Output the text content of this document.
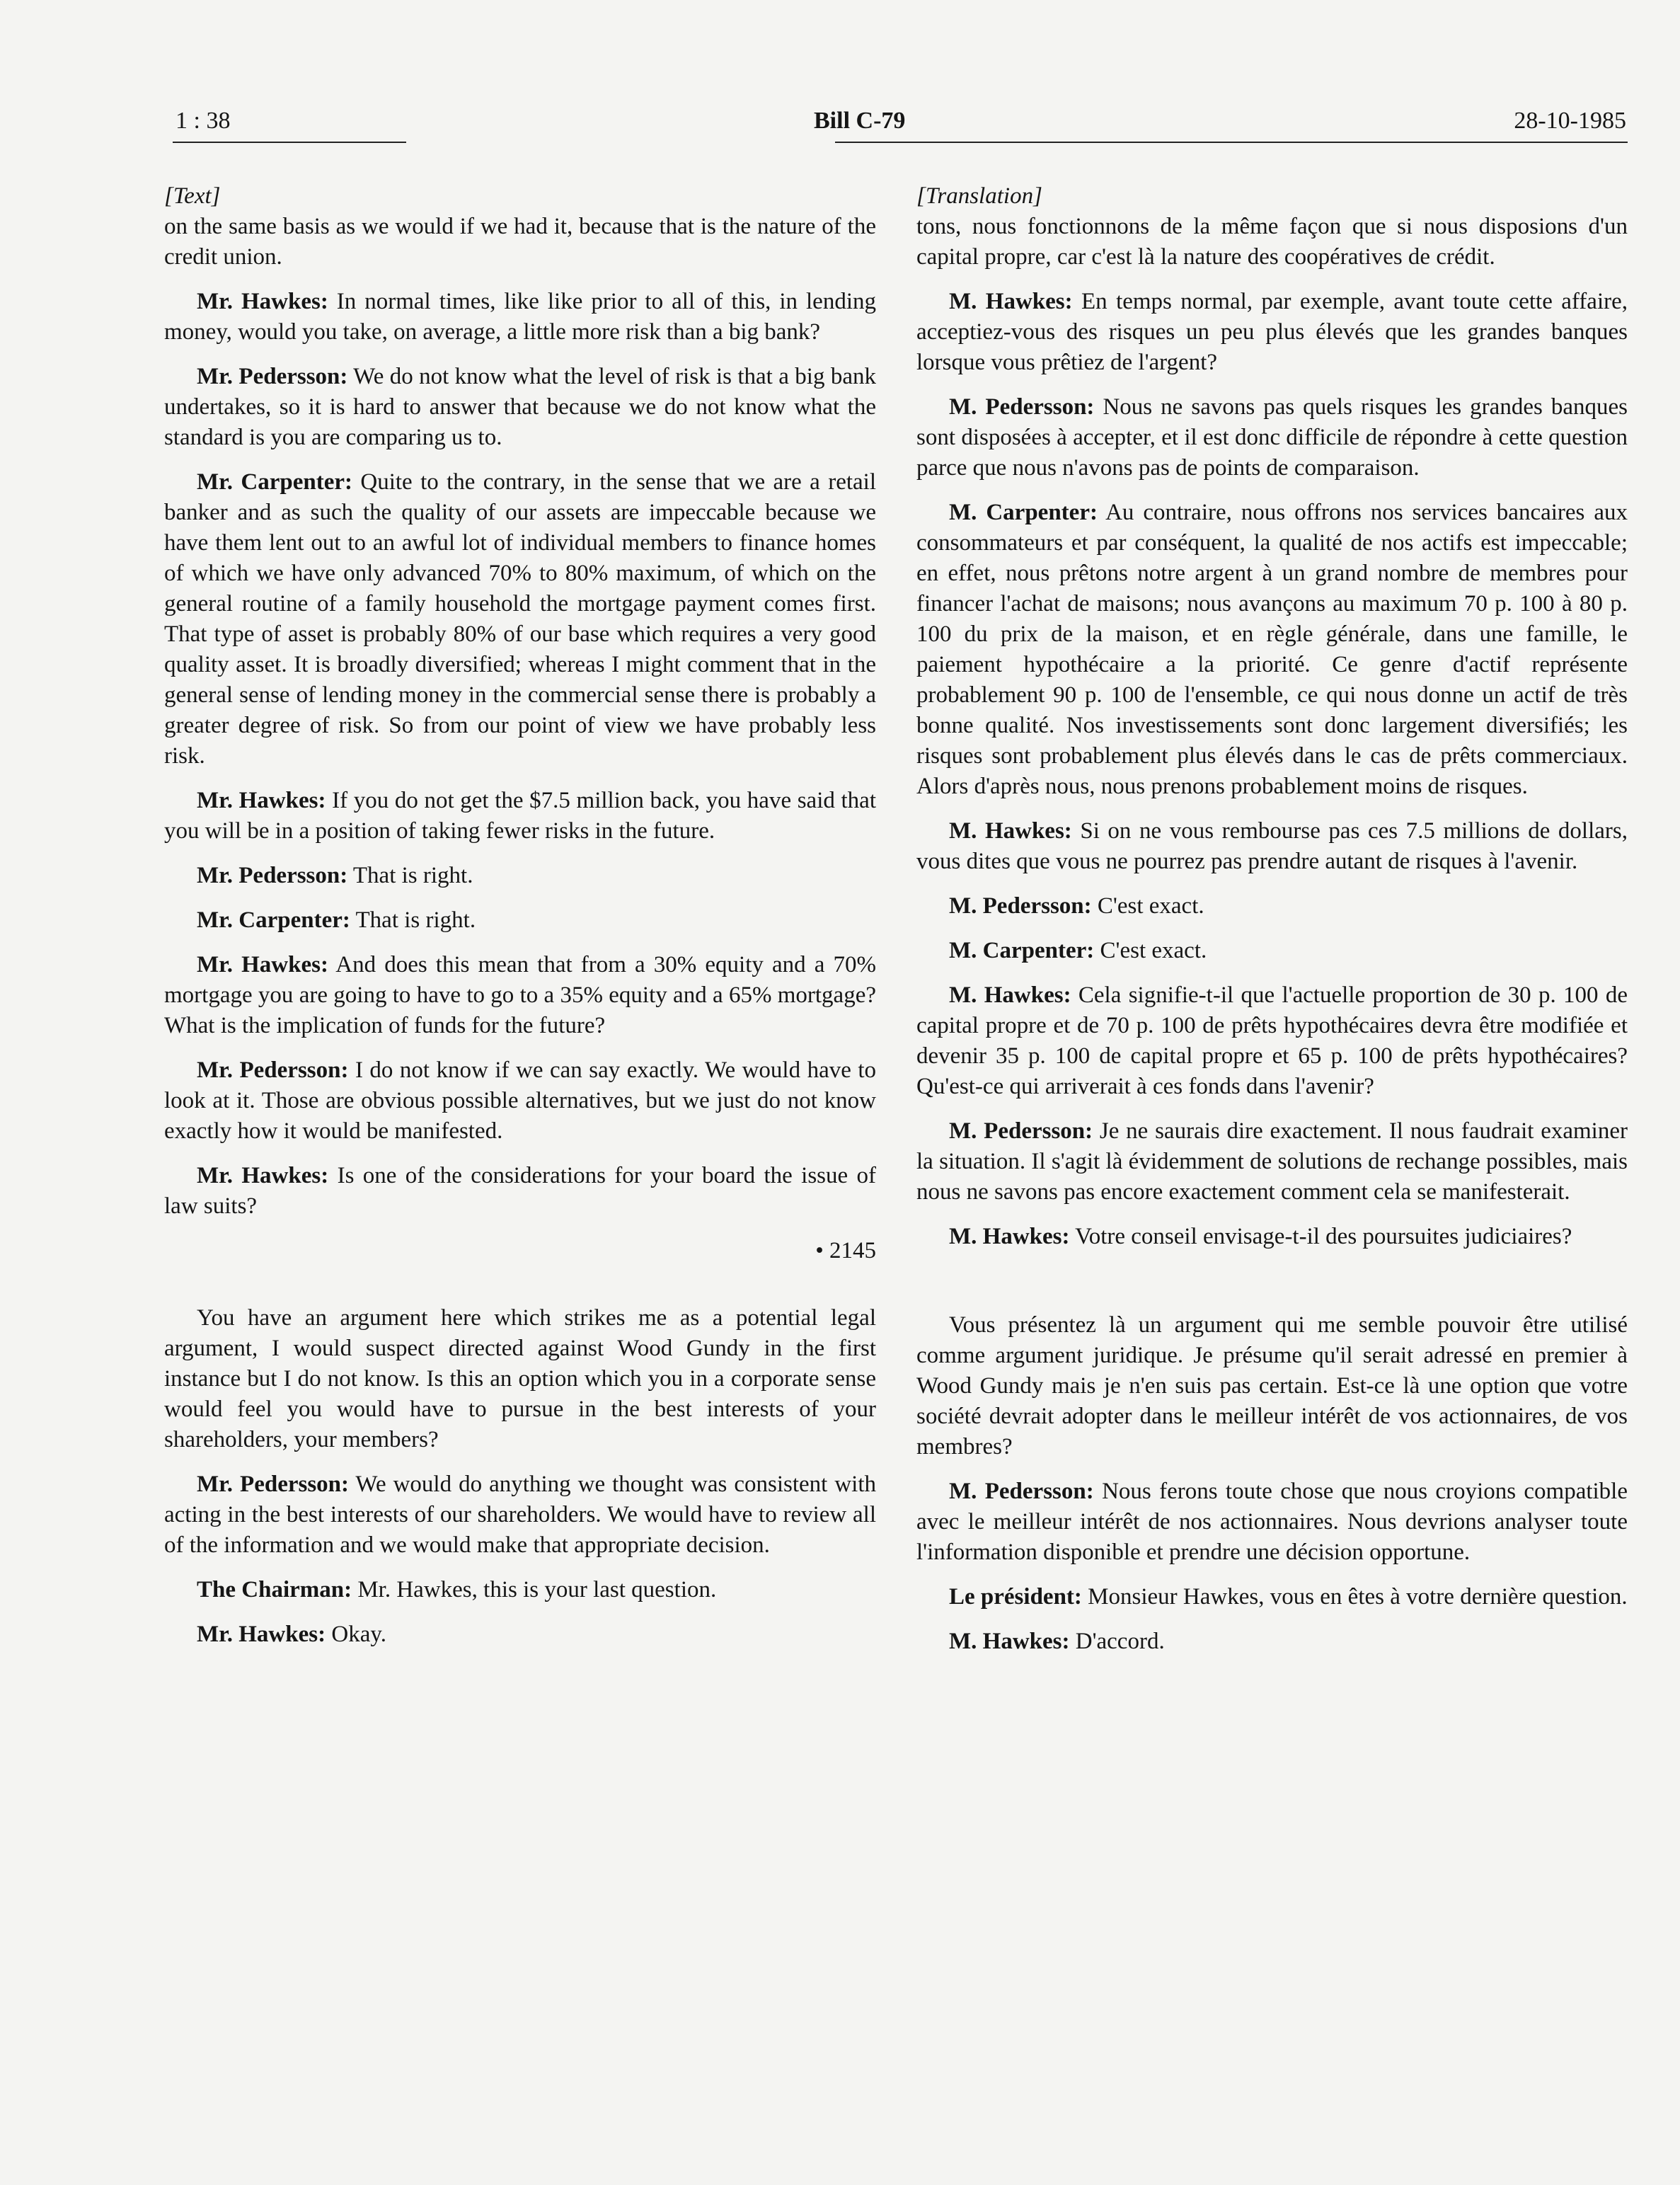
1 : 38	Bill C-79	28-10-1985

[Text]

on the same basis as we would if we had it, because that is the nature of the credit union.

Mr. Hawkes: In normal times, like like prior to all of this, in lending money, would you take, on average, a little more risk than a big bank?

Mr. Pedersson: We do not know what the level of risk is that a big bank undertakes, so it is hard to answer that because we do not know what the standard is you are comparing us to.

Mr. Carpenter: Quite to the contrary, in the sense that we are a retail banker and as such the quality of our assets are impeccable because we have them lent out to an awful lot of individual members to finance homes of which we have only advanced 70% to 80% maximum, of which on the general routine of a family household the mortgage payment comes first. That type of asset is probably 80% of our base which requires a very good quality asset. It is broadly diversified; whereas I might comment that in the general sense of lending money in the commercial sense there is probably a greater degree of risk. So from our point of view we have probably less risk.

Mr. Hawkes: If you do not get the $7.5 million back, you have said that you will be in a position of taking fewer risks in the future.

Mr. Pedersson: That is right.

Mr. Carpenter: That is right.

Mr. Hawkes: And does this mean that from a 30% equity and a 70% mortgage you are going to have to go to a 35% equity and a 65% mortgage? What is the implication of funds for the future?

Mr. Pedersson: I do not know if we can say exactly. We would have to look at it. Those are obvious possible alternatives, but we just do not know exactly how it would be manifested.

Mr. Hawkes: Is one of the considerations for your board the issue of law suits?

• 2145

You have an argument here which strikes me as a potential legal argument, I would suspect directed against Wood Gundy in the first instance but I do not know. Is this an option which you in a corporate sense would feel you would have to pursue in the best interests of your shareholders, your members?

Mr. Pedersson: We would do anything we thought was consistent with acting in the best interests of our shareholders. We would have to review all of the information and we would make that appropriate decision.

The Chairman: Mr. Hawkes, this is your last question.

Mr. Hawkes: Okay.

[Translation]

tons, nous fonctionnons de la même façon que si nous disposions d'un capital propre, car c'est là la nature des coopératives de crédit.

M. Hawkes: En temps normal, par exemple, avant toute cette affaire, acceptiez-vous des risques un peu plus élevés que les grandes banques lorsque vous prêtiez de l'argent?

M. Pedersson: Nous ne savons pas quels risques les grandes banques sont disposées à accepter, et il est donc difficile de répondre à cette question parce que nous n'avons pas de points de comparaison.

M. Carpenter: Au contraire, nous offrons nos services bancaires aux consommateurs et par conséquent, la qualité de nos actifs est impeccable; en effet, nous prêtons notre argent à un grand nombre de membres pour financer l'achat de maisons; nous avançons au maximum 70 p. 100 à 80 p. 100 du prix de la maison, et en règle générale, dans une famille, le paiement hypothécaire a la priorité. Ce genre d'actif représente probablement 90 p. 100 de l'ensemble, ce qui nous donne un actif de très bonne qualité. Nos investissements sont donc largement diversifiés; les risques sont probablement plus élevés dans le cas de prêts commerciaux. Alors d'après nous, nous prenons probablement moins de risques.

M. Hawkes: Si on ne vous rembourse pas ces 7.5 millions de dollars, vous dites que vous ne pourrez pas prendre autant de risques à l'avenir.

M. Pedersson: C'est exact.

M. Carpenter: C'est exact.

M. Hawkes: Cela signifie-t-il que l'actuelle proportion de 30 p. 100 de capital propre et de 70 p. 100 de prêts hypothécaires devra être modifiée et devenir 35 p. 100 de capital propre et 65 p. 100 de prêts hypothécaires? Qu'est-ce qui arriverait à ces fonds dans l'avenir?

M. Pedersson: Je ne saurais dire exactement. Il nous faudrait examiner la situation. Il s'agit là évidemment de solutions de rechange possibles, mais nous ne savons pas encore exactement comment cela se manifesterait.

M. Hawkes: Votre conseil envisage-t-il des poursuites judiciaires?

Vous présentez là un argument qui me semble pouvoir être utilisé comme argument juridique. Je présume qu'il serait adressé en premier à Wood Gundy mais je n'en suis pas certain. Est-ce là une option que votre société devrait adopter dans le meilleur intérêt de vos actionnaires, de vos membres?

M. Pedersson: Nous ferons toute chose que nous croyions compatible avec le meilleur intérêt de nos actionnaires. Nous devrions analyser toute l'information disponible et prendre une décision opportune.

Le président: Monsieur Hawkes, vous en êtes à votre dernière question.

M. Hawkes: D'accord.
